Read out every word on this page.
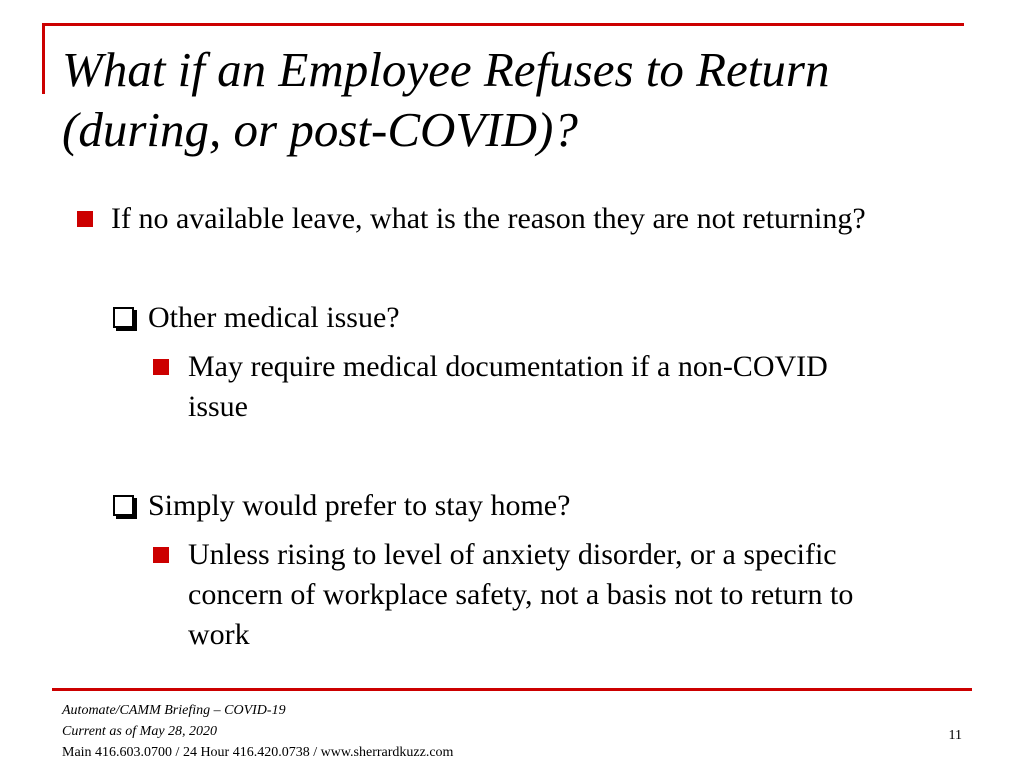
What if an Employee Refuses to Return
(during, or post-COVID)?
If no available leave, what is the reason they are not returning?
Other medical issue?
May require medical documentation if a non-COVID
issue
Simply would prefer to stay home?
Unless rising to level of anxiety disorder, or a specific
concern of workplace safety, not a basis not to return to
work
Automate/CAMM Briefing – COVID-19
Current as of May 28, 2020
Main 416.603.0700 / 24 Hour 416.420.0738 / www.sherrardkuzz.com
11
